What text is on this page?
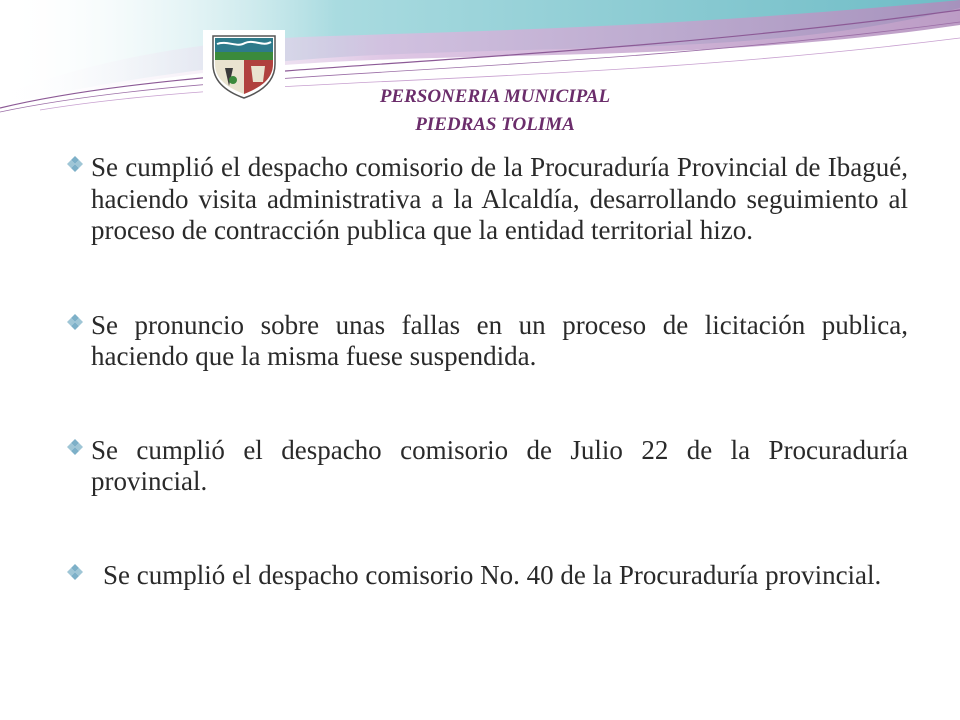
PERSONERIA MUNICIPAL
PIEDRAS TOLIMA

Se cumplió el despacho comisorio de la Procuraduría Provincial de Ibagué, haciendo visita administrativa a la Alcaldía, desarrollando seguimiento al proceso de contracción publica que la entidad territorial hizo.

Se pronuncio sobre unas fallas en un proceso de licitación publica, haciendo que la misma fuese suspendida.

Se cumplió el despacho comisorio de Julio 22 de la Procuraduría provincial.

Se cumplió el despacho comisorio No. 40 de la Procuraduría provincial.
